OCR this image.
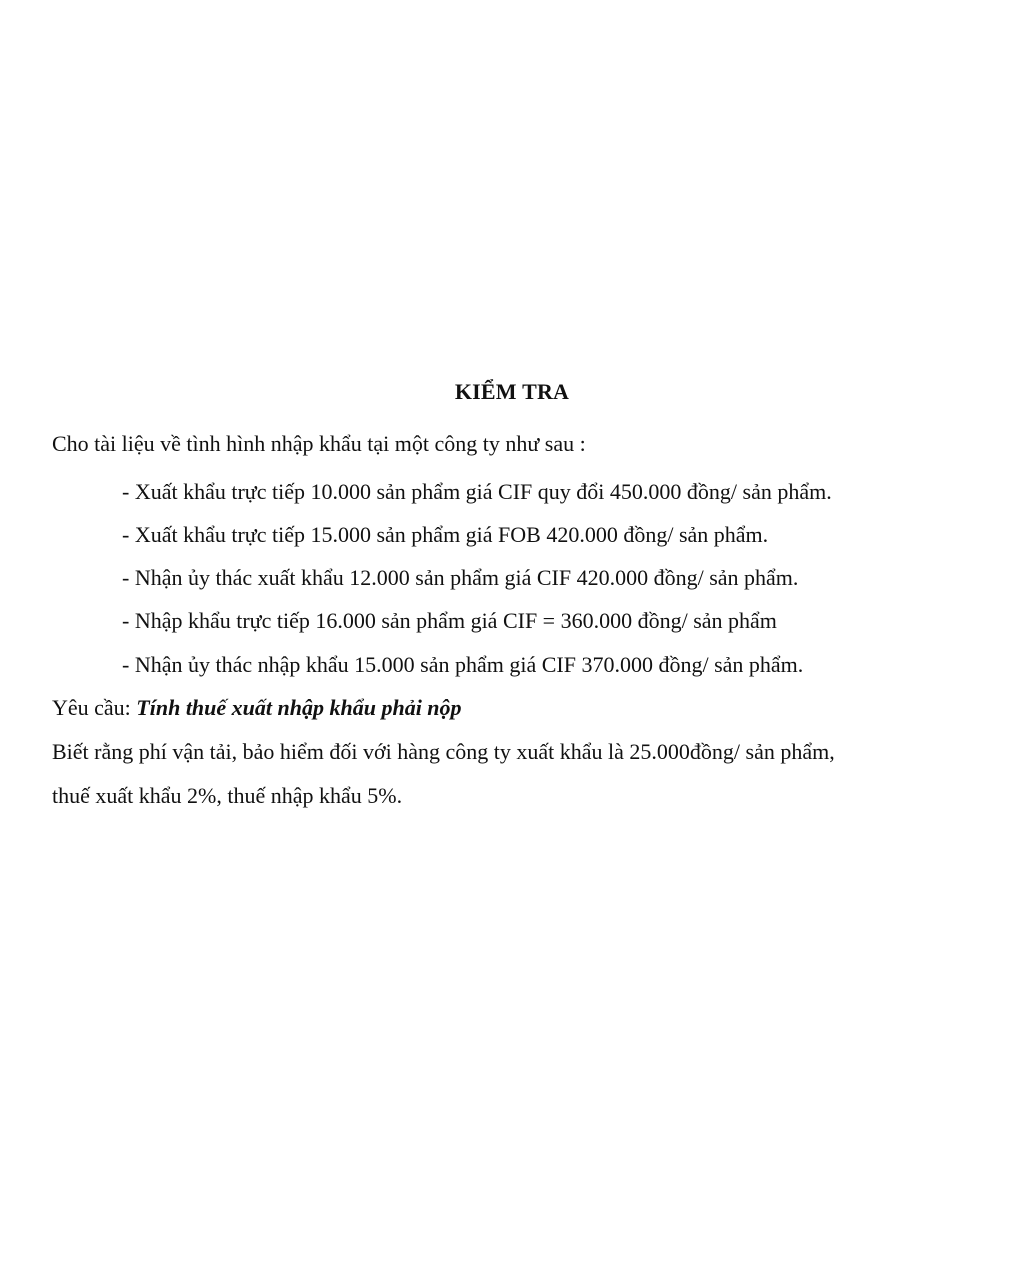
KIỂM TRA
Cho tài liệu về tình hình nhập khẩu tại một công ty như sau :
- Xuất khẩu trực tiếp 10.000 sản phẩm giá CIF quy đổi 450.000 đồng/ sản phẩm.
- Xuất khẩu trực tiếp 15.000 sản phẩm giá FOB 420.000 đồng/ sản phẩm.
- Nhận ủy thác xuất khẩu 12.000 sản phẩm giá CIF 420.000 đồng/ sản phẩm.
- Nhập khẩu trực tiếp 16.000 sản phẩm giá CIF = 360.000 đồng/ sản phẩm
- Nhận ủy thác nhập khẩu 15.000 sản phẩm giá CIF 370.000 đồng/ sản phẩm.
Yêu cầu: Tính thuế xuất nhập khẩu phải nộp
Biết rằng phí vận tải, bảo hiểm đối với hàng công ty xuất khẩu là 25.000đồng/ sản phẩm,
thuế xuất khẩu 2%, thuế nhập khẩu 5%.
